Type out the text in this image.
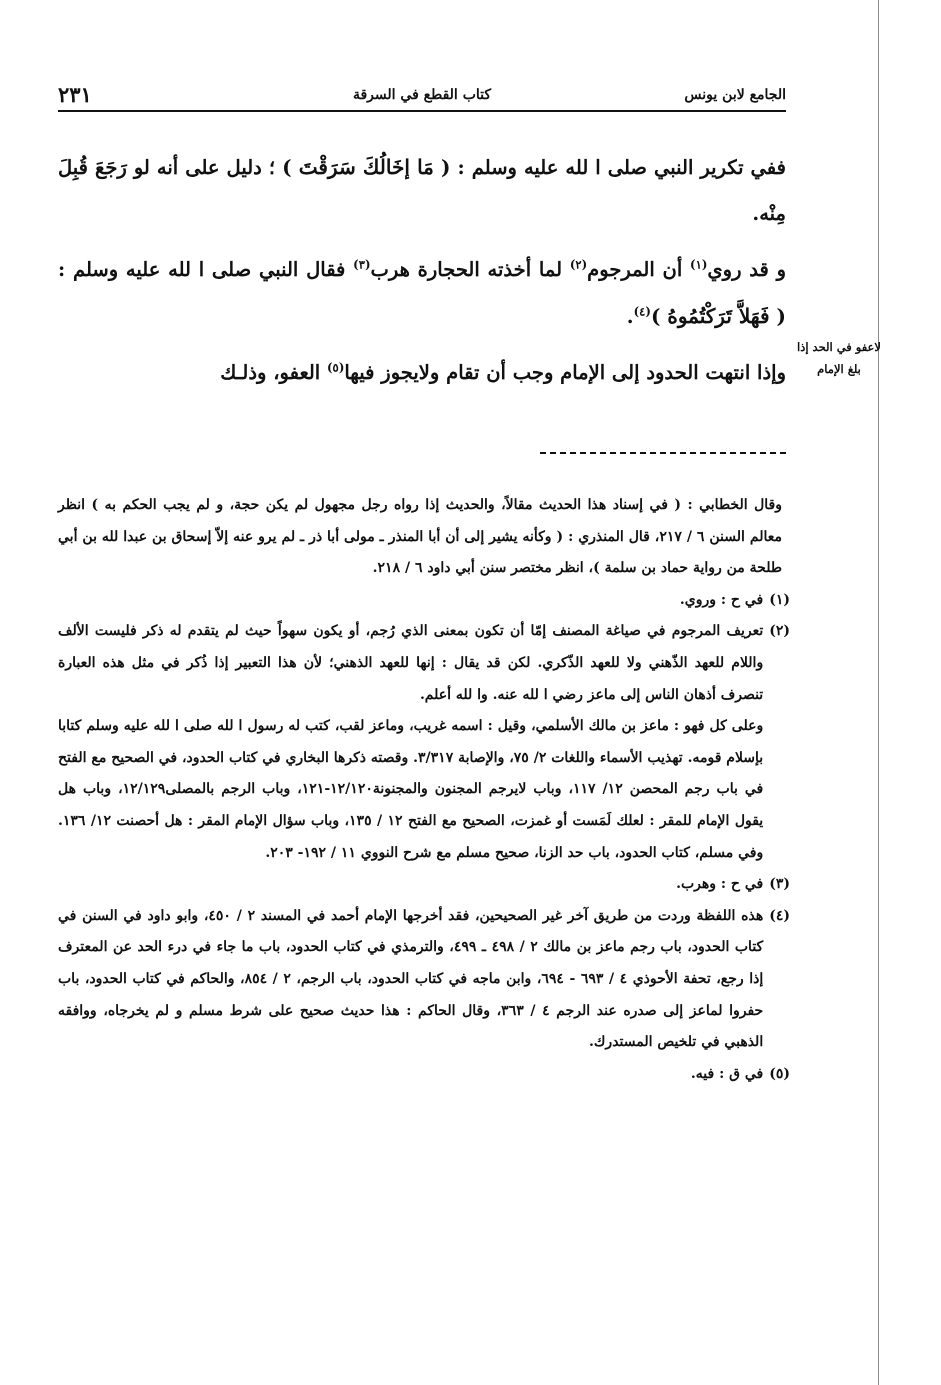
الجامع لابن يونس
كتاب القطع في السرقة
٢٣١
لاعفو في الحد إذا
بلغ الإمام

ففي تكرير النبي صلى ا لله عليه وسلم : ( مَا إخَالُكَ سَرَقْتَ ) ؛ دليل على أنه لو رَجَعَ قُبِلَ مِنْه.

و قد روي$^{(١)}$ أن المرجوم$^{(٢)}$ لما أخذته الحجارة هرب$^{(٣)}$ فقال النبي صلى ا لله عليه وسلم : ( فَهَلاَّ تَرَكْتُمُوهُ )$^{(٤)}$.

وإذا انتهت الحدود إلى الإمام وجب أن تقام ولايجوز فيها$^{(٥)}$ العفو، وذلـك

وقال الخطابي : ( في إسناد هذا الحديث مقالاً، والحديث إذا رواه رجل مجهول لم يكن حجة، و لم يجب الحكم به ) انظر معالم السنن ٦ / ٢١٧، قال المنذري : ( وكأنه يشير إلى أن أبا المنذر ـ مولى أبا ذر ـ لم يرو عنه إلاّ إسحاق بن عبدا لله بن أبي طلحة من رواية حماد بن سلمة )، انظر مختصر سنن أبي داود ٦ / ٢١٨.

(١)
في ح : وروي.
(٢)

تعريف المرجوم في صياغة المصنف إمّا أن تكون بمعنى الذي رُجم، أو يكون سهواً حيث لم يتقدم له ذكر فليست الألف واللام للعهد الذّهني ولا للعهد الذّكري. لكن قد يقال : إنها للعهد الذهني؛ لأن هذا التعبير إذا ذُكر في مثل هذه العبارة تنصرف أذهان الناس إلى ماعز رضي ا لله عنه. وا لله أعلم.

وعلى كل فهو : ماعز بن مالك الأسلمي، وقيل : اسمه غريب، وماعز لقب، كتب له رسول ا لله صلى ا لله عليه وسلم كتابا بإسلام قومه. تهذيب الأسماء واللغات ٢/ ٧٥، والإصابة ٣/٣١٧. وقصته ذكرها البخاري في كتاب الحدود، في الصحيح مع الفتح في باب رجم المحصن ١٢/ ١١٧، وباب لايرجم المجنون والمجنونة١٢/١٢٠-١٢١، وباب الرجم بالمصلى١٢/١٢٩، وباب هل يقول الإمام للمقر : لعلك لَمَست أو غمزت، الصحيح مع الفتح ١٢ / ١٣٥، وباب سؤال الإمام المقر : هل أحصنت ١٢/ ١٣٦. وفي مسلم، كتاب الحدود، باب حد الزنا، صحيح مسلم مع شرح النووي ١١ / ١٩٢- ٢٠٣.

(٣)
في ح : وهرب.
(٤)
هذه اللفظة وردت من طريق آخر غير الصحيحين، فقد أخرجها الإمام أحمد في المسند ٢ / ٤٥٠، وابو داود في السنن في كتاب الحدود، باب رجم ماعز بن مالك ٢ / ٤٩٨ ـ ٤٩٩، والترمذي في كتاب الحدود، باب ما جاء في درء الحد عن المعترف إذا رجع، تحفة الأحوذي ٤ / ٦٩٣ - ٦٩٤، وابن ماجه في كتاب الحدود، باب الرجم، ٢ / ٨٥٤، والحاكم في كتاب الحدود، باب حفروا لماعز إلى صدره عند الرجم ٤ / ٣٦٣، وقال الحاكم : هذا حديث صحيح على شرط مسلم و لم يخرجاه، ووافقه الذهبي في تلخيص المستدرك.
(٥)
في ق : فيه.
